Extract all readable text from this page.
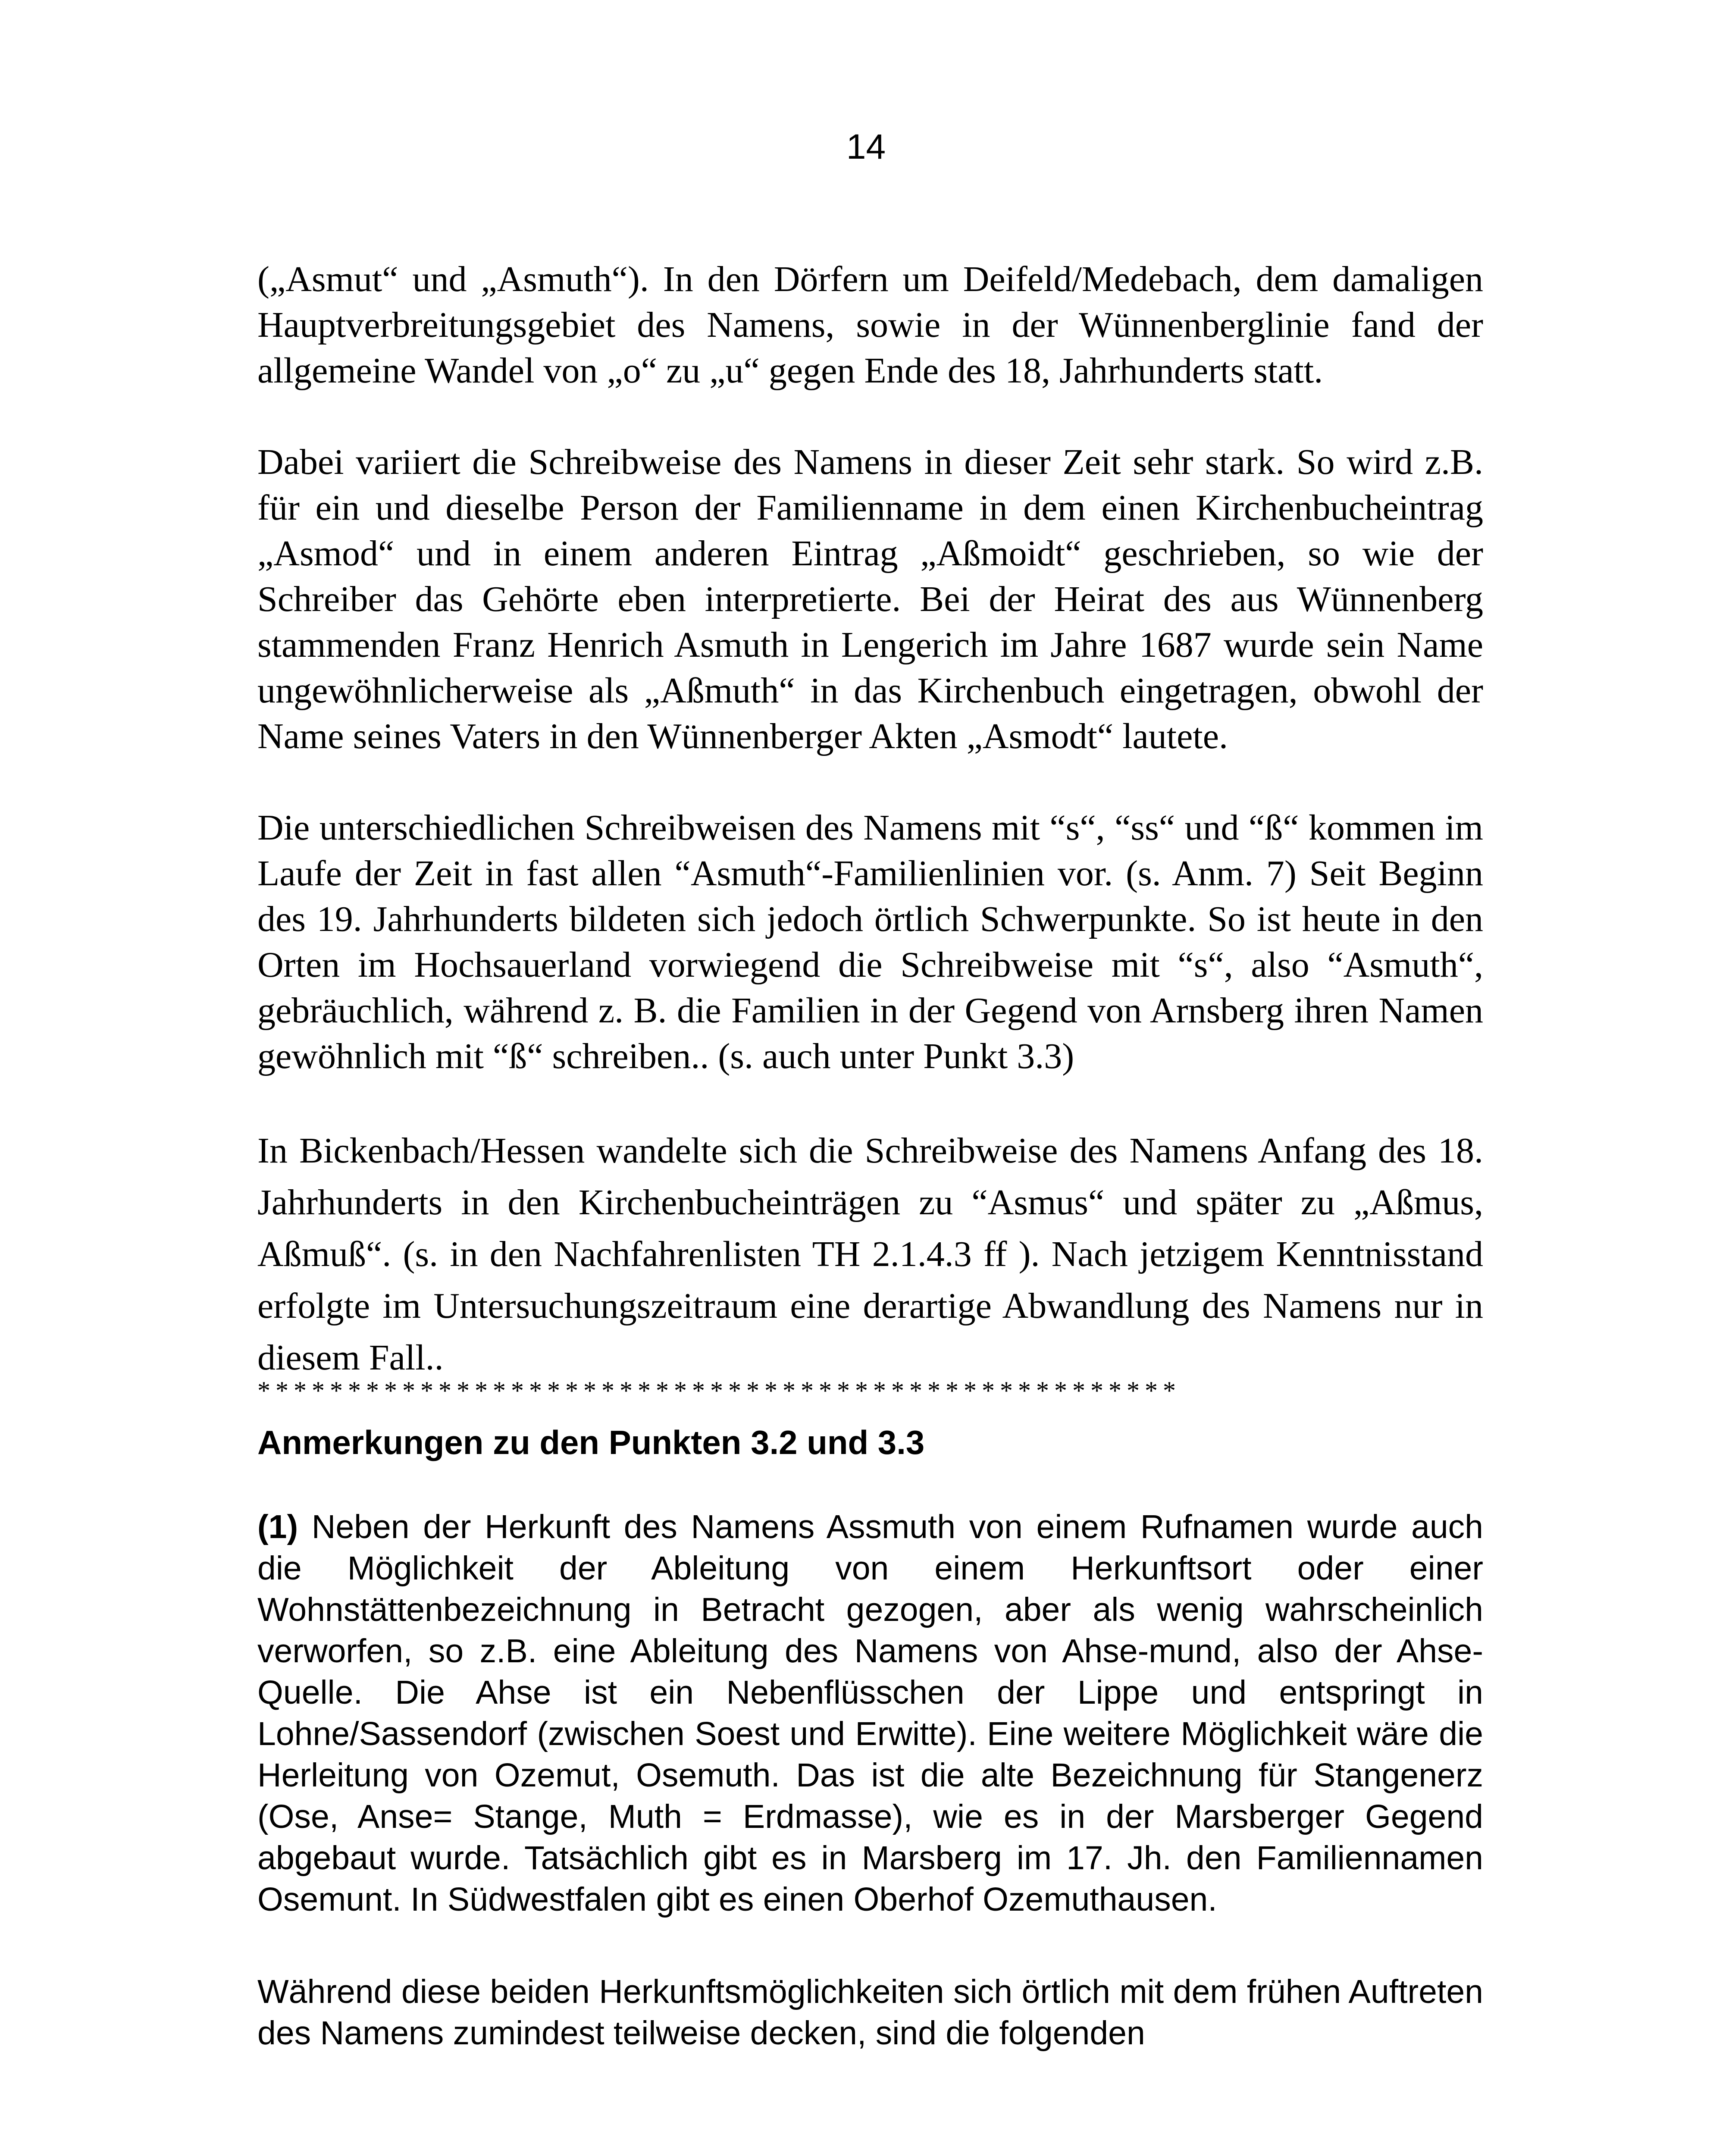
14

(„Asmut“ und „Asmuth“). In den Dörfern um Deifeld/Medebach, dem damaligen Hauptverbreitungsgebiet des Namens, sowie in der Wünnenberglinie fand der allgemeine Wandel von „o“ zu „u“ gegen Ende des 18, Jahrhunderts statt.

Dabei variiert die Schreibweise des Namens in dieser Zeit sehr stark. So wird z.B. für ein und dieselbe Person der Familienname in dem einen Kirchenbucheintrag „Asmod“ und in einem anderen Eintrag „Aßmoidt“ geschrieben, so wie der Schreiber das Gehörte eben interpretierte. Bei der Heirat des aus Wünnenberg stammenden Franz Henrich Asmuth in Lengerich im Jahre 1687 wurde sein Name ungewöhnlicherweise als „Aßmuth“ in das Kirchenbuch eingetragen, obwohl der Name seines Vaters in den Wünnenberger Akten „Asmodt“ lautete.

Die unterschiedlichen Schreibweisen des Namens mit “s“, “ss“ und “ß“ kommen im Laufe der Zeit in fast allen “Asmuth“-Familienlinien vor. (s. Anm. 7) Seit Beginn des 19. Jahrhunderts bildeten sich jedoch örtlich Schwerpunkte. So ist heute in den Orten im Hochsauerland vorwiegend die Schreibweise mit “s“, also “Asmuth“, gebräuchlich, während z. B. die Familien in der Gegend von Arnsberg ihren Namen gewöhnlich mit “ß“ schreiben.. (s. auch unter Punkt 3.3)

In Bickenbach/Hessen wandelte sich die Schreibweise des Namens Anfang des 18. Jahrhunderts in den Kirchenbucheinträgen zu “Asmus“ und später zu „Aßmus, Aßmuß“. (s. in den Nachfahrenlisten TH 2.1.4.3 ff ). Nach jetzigem Kenntnisstand erfolgte im Untersuchungszeitraum eine derartige Abwandlung des Namens nur in diesem Fall..

***************************************************
Anmerkungen zu den Punkten 3.2 und 3.3

(1) Neben der Herkunft des Namens Assmuth von einem Rufnamen wurde auch die Möglichkeit der Ableitung von einem Herkunftsort oder einer Wohnstättenbezeichnung in Betracht gezogen, aber als wenig wahrscheinlich verworfen, so z.B. eine Ableitung des Namens von Ahse-mund, also der Ahse-Quelle. Die Ahse ist ein Nebenflüsschen der Lippe und entspringt in Lohne/Sassendorf (zwischen Soest und Erwitte). Eine weitere Möglichkeit wäre die Herleitung von Ozemut, Osemuth. Das ist die alte Bezeichnung für Stangenerz (Ose, Anse= Stange, Muth = Erdmasse), wie es in der Marsberger Gegend abgebaut wurde. Tatsächlich gibt es in Marsberg im 17. Jh. den Familiennamen Osemunt. In Südwestfalen gibt es einen Oberhof Ozemuthausen.

Während diese beiden Herkunftsmöglichkeiten sich örtlich mit dem frühen Auftreten des Namens zumindest teilweise decken, sind die folgenden
